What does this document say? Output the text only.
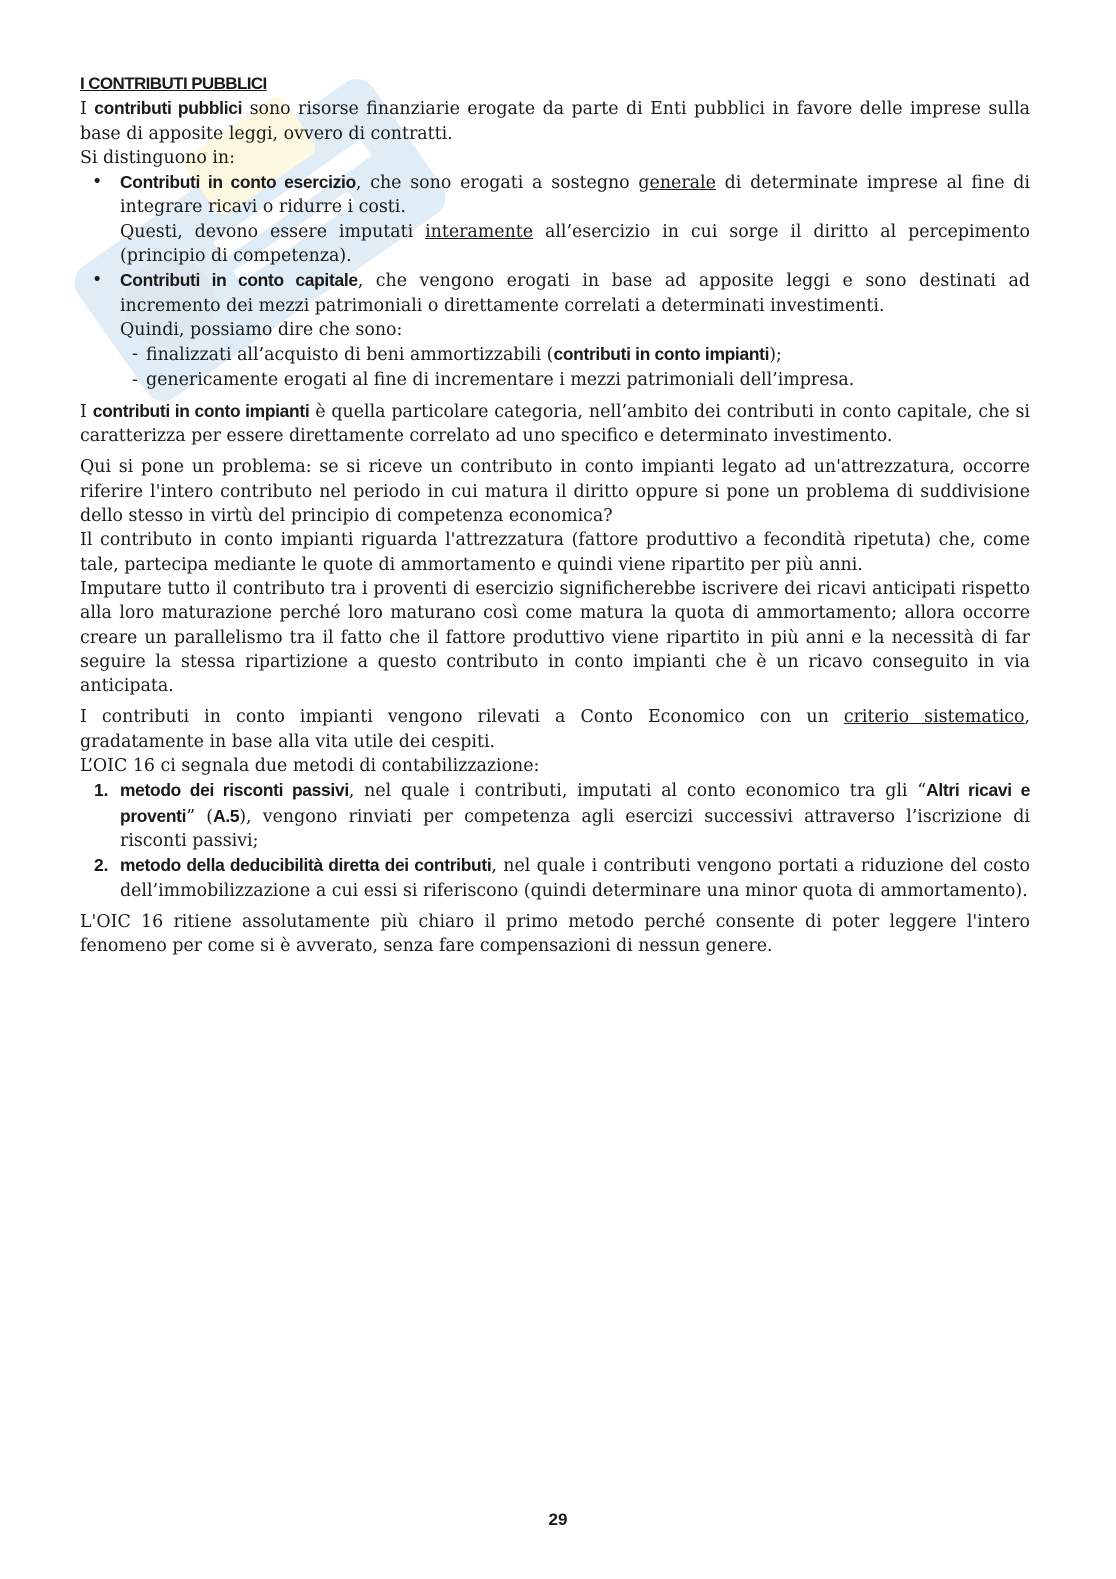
I CONTRIBUTI PUBBLICI

I contributi pubblici sono risorse finanziarie erogate da parte di Enti pubblici in favore delle imprese sulla base di apposite leggi, ovvero di contratti.

Si distinguono in:

• Contributi in conto esercizio, che sono erogati a sostegno generale di determinate imprese al fine di integrare ricavi o ridurre i costi.
Questi, devono essere imputati interamente all’esercizio in cui sorge il diritto al percepimento (principio di competenza).
• Contributi in conto capitale, che vengono erogati in base ad apposite leggi e sono destinati ad incremento dei mezzi patrimoniali o direttamente correlati a determinati investimenti.
Quindi, possiamo dire che sono:
- finalizzati all’acquisto di beni ammortizzabili (contributi in conto impianti);
- genericamente erogati al fine di incrementare i mezzi patrimoniali dell’impresa.

I contributi in conto impianti è quella particolare categoria, nell’ambito dei contributi in conto capitale, che si caratterizza per essere direttamente correlato ad uno specifico e determinato investimento.

Qui si pone un problema: se si riceve un contributo in conto impianti legato ad un'attrezzatura, occorre riferire l'intero contributo nel periodo in cui matura il diritto oppure si pone un problema di suddivisione dello stesso in virtù del principio di competenza economica?

Il contributo in conto impianti riguarda l'attrezzatura (fattore produttivo a fecondità ripetuta) che, come tale, partecipa mediante le quote di ammortamento e quindi viene ripartito per più anni.

Imputare tutto il contributo tra i proventi di esercizio significherebbe iscrivere dei ricavi anticipati rispetto alla loro maturazione perché loro maturano così come matura la quota di ammortamento; allora occorre creare un parallelismo tra il fatto che il fattore produttivo viene ripartito in più anni e la necessità di far seguire la stessa ripartizione a questo contributo in conto impianti che è un ricavo conseguito in via anticipata.

I contributi in conto impianti vengono rilevati a Conto Economico con un criterio sistematico, gradatamente in base alla vita utile dei cespiti.

L’OIC 16 ci segnala due metodi di contabilizzazione:

1. metodo dei risconti passivi, nel quale i contributi, imputati al conto economico tra gli “Altri ricavi e proventi” (A.5), vengono rinviati per competenza agli esercizi successivi attraverso l’iscrizione di risconti passivi;
2. metodo della deducibilità diretta dei contributi, nel quale i contributi vengono portati a riduzione del costo dell’immobilizzazione a cui essi si riferiscono (quindi determinare una minor quota di ammortamento).

L'OIC 16 ritiene assolutamente più chiaro il primo metodo perché consente di poter leggere l'intero fenomeno per come si è avverato, senza fare compensazioni di nessun genere.

29
